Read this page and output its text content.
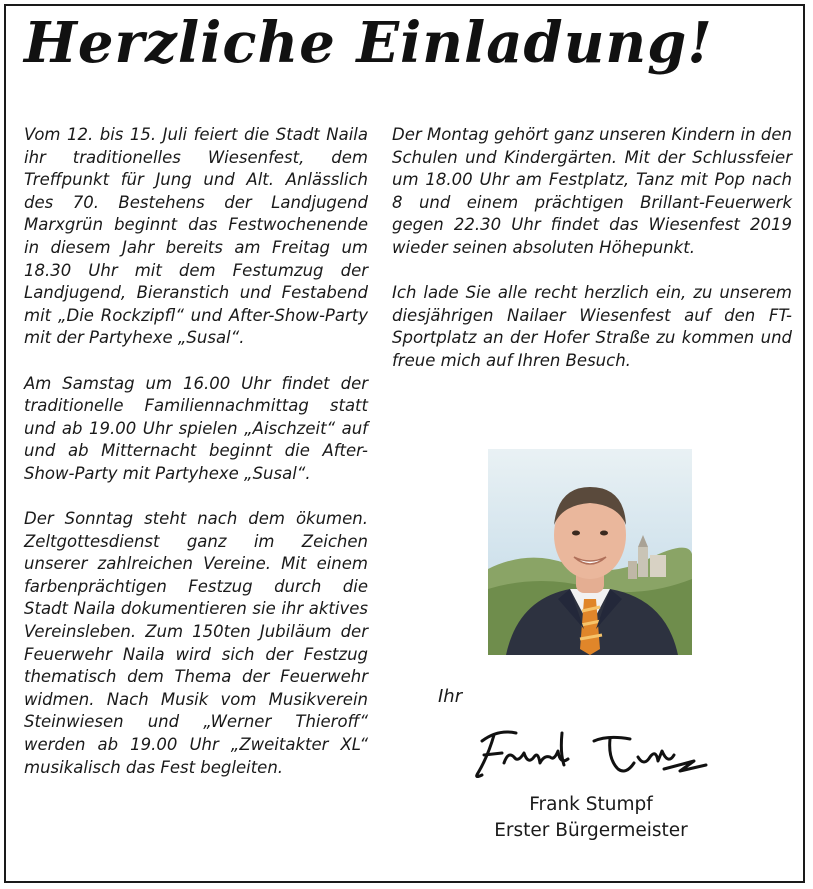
Herzliche Einladung!

Vom 12. bis 15. Juli feiert die Stadt Naila ihr traditionelles Wiesenfest, dem Treffpunkt für Jung und Alt. Anlässlich des 70. Bestehens der Landjugend Marxgrün beginnt das Festwochenende in diesem Jahr bereits am Freitag um 18.30 Uhr mit dem Festumzug der Landjugend, Bieranstich und Festabend mit „Die Rockzipfl“ und After-Show-Party mit der Partyhexe „Susal“.

Am Samstag um 16.00 Uhr findet der traditionelle Familiennachmittag statt und ab 19.00 Uhr spielen „Aischzeit“ auf und ab Mitternacht beginnt die After-Show-Party mit Partyhexe „Susal“.

Der Sonntag steht nach dem ökumen. Zeltgottesdienst ganz im Zeichen unserer zahlreichen Vereine. Mit einem farbenprächtigen Festzug durch die Stadt Naila dokumentieren sie ihr aktives Vereinsleben. Zum 150ten Jubiläum der Feuerwehr Naila wird sich der Festzug thematisch dem Thema der Feuerwehr widmen. Nach Musik vom Musikverein Steinwiesen und „Werner Thieroff“ werden ab 19.00 Uhr „Zweitakter XL“ musikalisch das Fest begleiten.

Der Montag gehört ganz unseren Kindern in den Schulen und Kindergärten. Mit der Schlussfeier um 18.00 Uhr am Festplatz, Tanz mit Pop nach 8 und einem prächtigen Brillant-Feuerwerk gegen 22.30 Uhr findet das Wiesenfest 2019 wieder seinen absoluten Höhepunkt.

Ich lade Sie alle recht herzlich ein, zu unserem diesjährigen Nailaer Wiesenfest auf den FT-Sportplatz an der Hofer Straße zu kommen und freue mich auf Ihren Besuch.

Ihr
Frank Stumpf
Erster Bürgermeister
